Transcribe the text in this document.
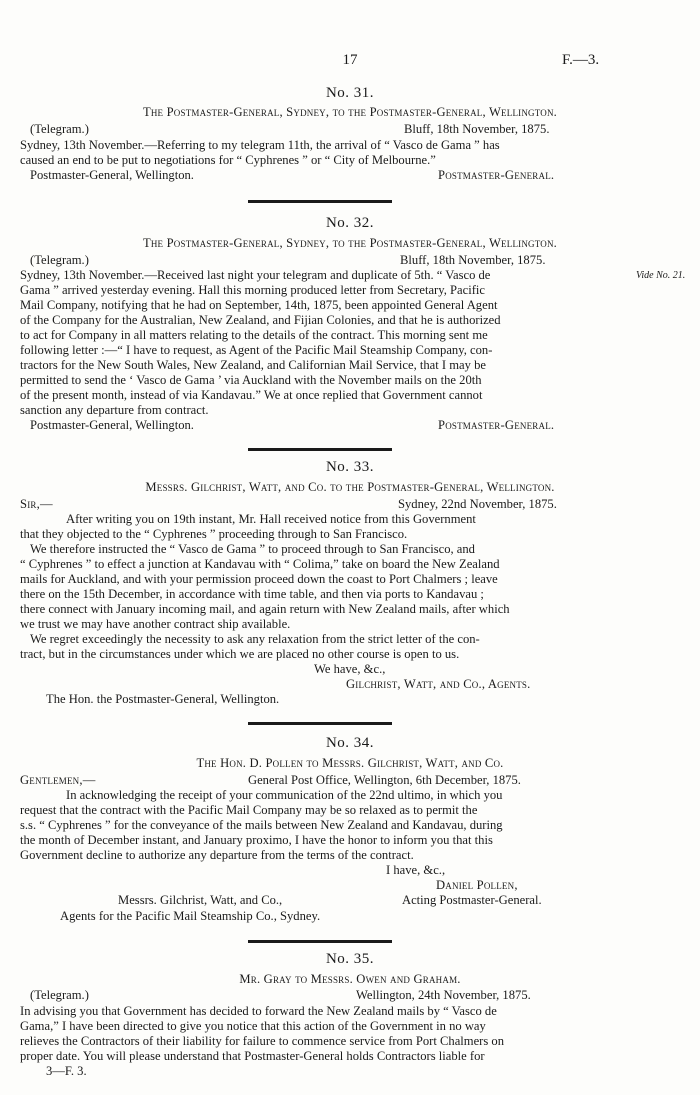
17	F.—3.
No. 31.
The Postmaster-General, Sydney, to the Postmaster-General, Wellington.
(Telegram.)	Bluff, 18th November, 1875.
Sydney, 13th November.—Referring to my telegram 11th, the arrival of “ Vasco de Gama ” has
caused an end to be put to negotiations for “ Cyphrenes ” or “ City of Melbourne.”
Postmaster-General, Wellington.	Postmaster-General.
No. 32.
The Postmaster-General, Sydney, to the Postmaster-General, Wellington.
(Telegram.)	Bluff, 18th November, 1875.
Sydney, 13th November.—Received last night your telegram and duplicate of 5th. “ Vasco de	Vide No. 21.
Gama ” arrived yesterday evening. Hall this morning produced letter from Secretary, Pacific
Mail Company, notifying that he had on September, 14th, 1875, been appointed General Agent
of the Company for the Australian, New Zealand, and Fijian Colonies, and that he is authorized
to act for Company in all matters relating to the details of the contract. This morning sent me
following letter :—“ I have to request, as Agent of the Pacific Mail Steamship Company, con-
tractors for the New South Wales, New Zealand, and Californian Mail Service, that I may be
permitted to send the ‘ Vasco de Gama ’ via Auckland with the November mails on the 20th
of the present month, instead of via Kandavau.” We at once replied that Government cannot
sanction any departure from contract.
Postmaster-General, Wellington.	Postmaster-General.
No. 33.
Messrs. Gilchrist, Watt, and Co. to the Postmaster-General, Wellington.
Sir,—	Sydney, 22nd November, 1875.
After writing you on 19th instant, Mr. Hall received notice from this Government
that they objected to the “ Cyphrenes ” proceeding through to San Francisco.
We therefore instructed the “ Vasco de Gama ” to proceed through to San Francisco, and
“ Cyphrenes ” to effect a junction at Kandavau with “ Colima,” take on board the New Zealand
mails for Auckland, and with your permission proceed down the coast to Port Chalmers ; leave
there on the 15th December, in accordance with time table, and then via ports to Kandavau ;
there connect with January incoming mail, and again return with New Zealand mails, after which
we trust we may have another contract ship available.
We regret exceedingly the necessity to ask any relaxation from the strict letter of the con-
tract, but in the circumstances under which we are placed no other course is open to us.
We have, &c.,
Gilchrist, Watt, and Co., Agents.
The Hon. the Postmaster-General, Wellington.
No. 34.
The Hon. D. Pollen to Messrs. Gilchrist, Watt, and Co.
Gentlemen,—	General Post Office, Wellington, 6th December, 1875.
In acknowledging the receipt of your communication of the 22nd ultimo, in which you
request that the contract with the Pacific Mail Company may be so relaxed as to permit the
s.s. “ Cyphrenes ” for the conveyance of the mails between New Zealand and Kandavau, during
the month of December instant, and January proximo, I have the honor to inform you that this
Government decline to authorize any departure from the terms of the contract.
I have, &c.,
Daniel Pollen,
Acting Postmaster-General.
Messrs. Gilchrist, Watt, and Co.,
Agents for the Pacific Mail Steamship Co., Sydney.
No. 35.
Mr. Gray to Messrs. Owen and Graham.
(Telegram.)	Wellington, 24th November, 1875.
In advising you that Government has decided to forward the New Zealand mails by “ Vasco de
Gama,” I have been directed to give you notice that this action of the Government in no way
relieves the Contractors of their liability for failure to commence service from Port Chalmers on
proper date. You will please understand that Postmaster-General holds Contractors liable for
3—F. 3.
